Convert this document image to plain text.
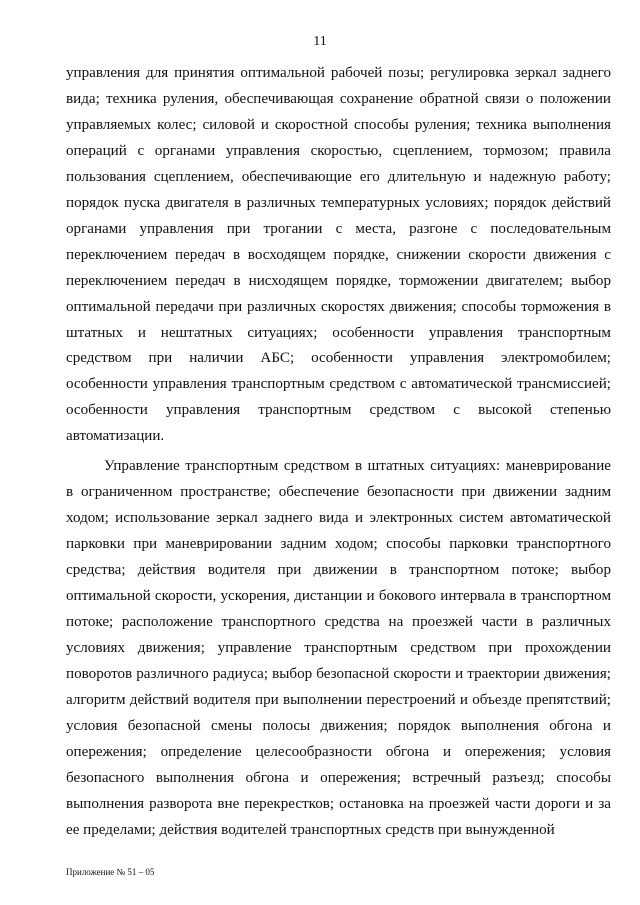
11

управления для принятия оптимальной рабочей позы; регулировка зеркал заднего вида; техника руления, обеспечивающая сохранение обратной связи о положении управляемых колес; силовой и скоростной способы руления; техника выполнения операций с органами управления скоростью, сцеплением, тормозом; правила пользования сцеплением, обеспечивающие его длительную и надежную работу; порядок пуска двигателя в различных температурных условиях; порядок действий органами управления при трогании с места, разгоне с последовательным переключением передач в восходящем порядке, снижении скорости движения с переключением передач в нисходящем порядке, торможении двигателем; выбор оптимальной передачи при различных скоростях движения; способы торможения в штатных и нештатных ситуациях; особенности управления транспортным средством при наличии АБС; особенности управления электромобилем; особенности управления транспортным средством с автоматической трансмиссией; особенности управления транспортным средством с высокой степенью автоматизации.

Управление транспортным средством в штатных ситуациях: маневрирование в ограниченном пространстве; обеспечение безопасности при движении задним ходом; использование зеркал заднего вида и электронных систем автоматической парковки при маневрировании задним ходом; способы парковки транспортного средства; действия водителя при движении в транспортном потоке; выбор оптимальной скорости, ускорения, дистанции и бокового интервала в транспортном потоке; расположение транспортного средства на проезжей части в различных условиях движения; управление транспортным средством при прохождении поворотов различного радиуса; выбор безопасной скорости и траектории движения; алгоритм действий водителя при выполнении перестроений и объезде препятствий; условия безопасной смены полосы движения; порядок выполнения обгона и опережения; определение целесообразности обгона и опережения; условия безопасного выполнения обгона и опережения; встречный разъезд; способы выполнения разворота вне перекрестков; остановка на проезжей части дороги и за ее пределами; действия водителей транспортных средств при вынужденной

Приложение № 51 – 05
